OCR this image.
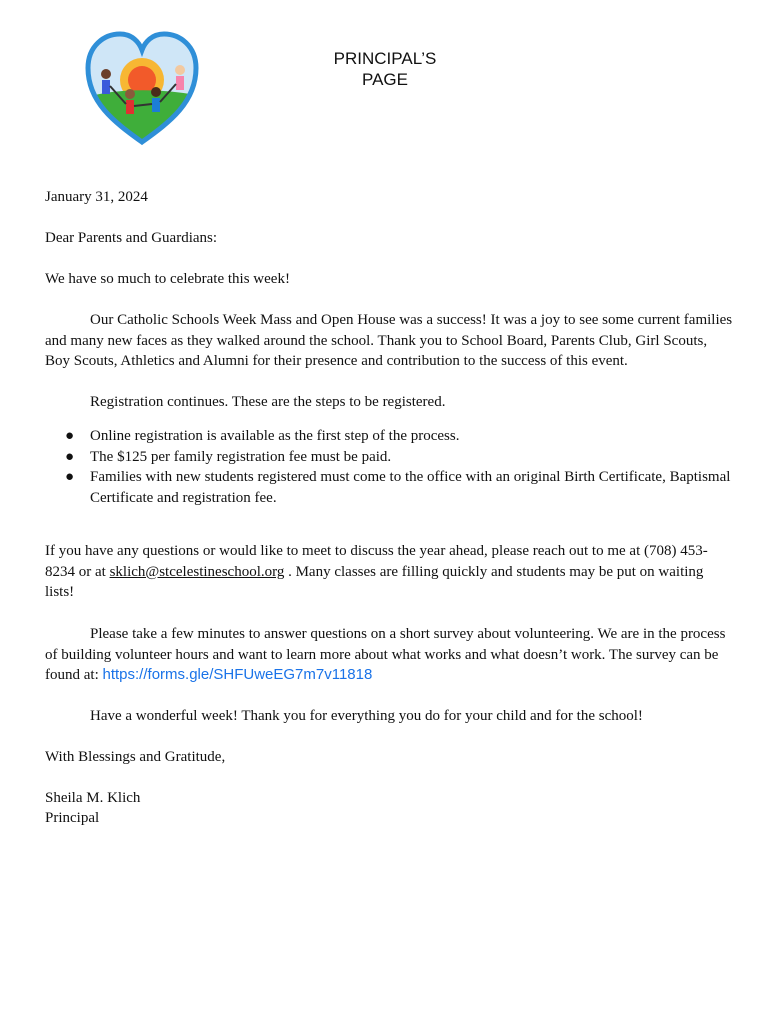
PRINCIPAL’S
PAGE

January 31, 2024

Dear Parents and Guardians:

We have so much to celebrate this week!

Our Catholic Schools Week Mass and Open House was a success! It was a joy to see some current families and many new faces as they walked around the school. Thank you to School Board, Parents Club, Girl Scouts, Boy Scouts, Athletics and Alumni for their presence and contribution to the success of this event.

Registration continues. These are the steps to be registered.

● Online registration is available as the first step of the process.
● The $125 per family registration fee must be paid.
● Families with new students registered must come to the office with an original Birth Certificate, Baptismal Certificate and registration fee.

If you have any questions or would like to meet to discuss the year ahead, please reach out to me at (708) 453-8234 or at sklich@stcelestineschool.org . Many classes are filling quickly and students may be put on waiting lists!

Please take a few minutes to answer questions on a short survey about volunteering. We are in the process of building volunteer hours and want to learn more about what works and what doesn’t work. The survey can be found at: https://forms.gle/SHFUweEG7m7v11818

Have a wonderful week! Thank you for everything you do for your child and for the school!

With Blessings and Gratitude,

Sheila M. Klich

Principal
